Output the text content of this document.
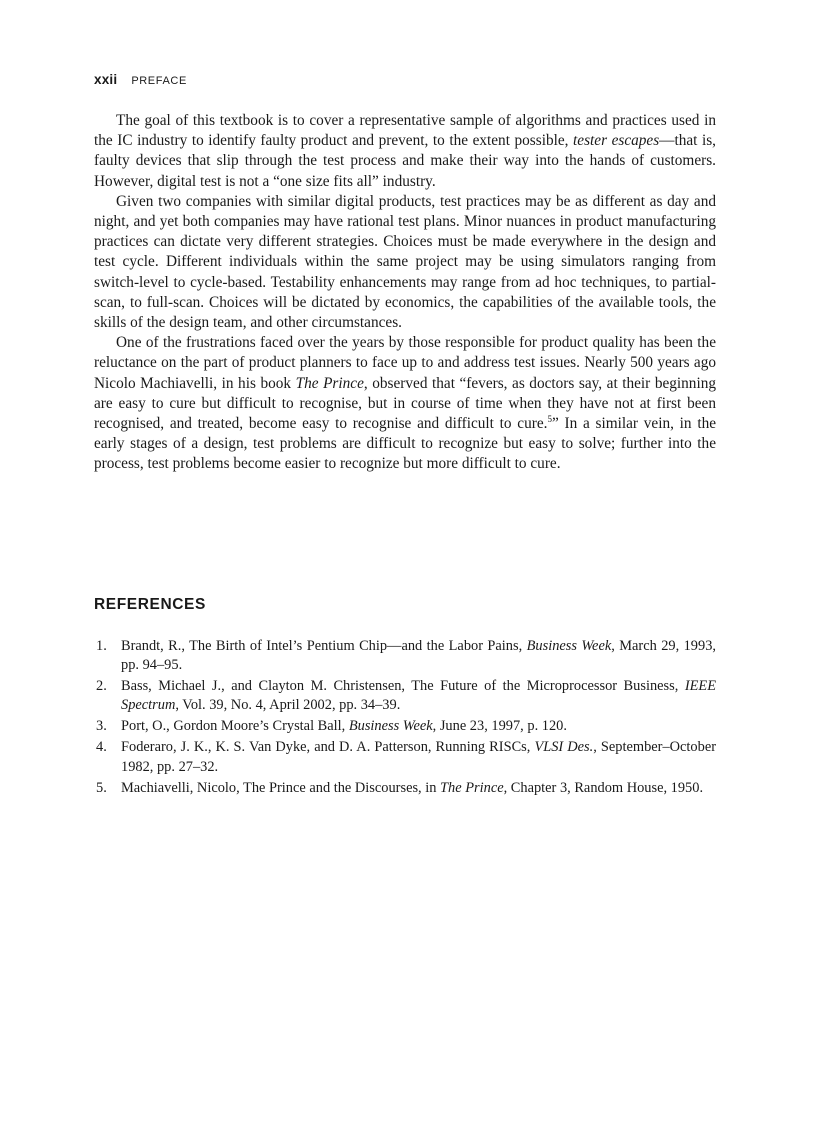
xxii PREFACE

The goal of this textbook is to cover a representative sample of algorithms and practices used in the IC industry to identify faulty product and prevent, to the extent possible, tester escapes—that is, faulty devices that slip through the test process and make their way into the hands of customers. However, digital test is not a “one size fits all” industry.

Given two companies with similar digital products, test practices may be as different as day and night, and yet both companies may have rational test plans. Minor nuances in product manufacturing practices can dictate very different strategies. Choices must be made everywhere in the design and test cycle. Different individuals within the same project may be using simulators ranging from switch-level to cycle-based. Testability enhancements may range from ad hoc techniques, to partial-scan, to full-scan. Choices will be dictated by economics, the capabilities of the available tools, the skills of the design team, and other circumstances.

One of the frustrations faced over the years by those responsible for product quality has been the reluctance on the part of product planners to face up to and address test issues. Nearly 500 years ago Nicolo Machiavelli, in his book The Prince, observed that “fevers, as doctors say, at their beginning are easy to cure but difficult to recognise, but in course of time when they have not at first been recognised, and treated, become easy to recognise and difficult to cure.$^5$” In a similar vein, in the early stages of a design, test problems are difficult to recognize but easy to solve; further into the process, test problems become easier to recognize but more difficult to cure.

REFERENCES
1. Brandt, R., The Birth of Intel’s Pentium Chip—and the Labor Pains, Business Week, March 29, 1993, pp. 94–95.
2. Bass, Michael J., and Clayton M. Christensen, The Future of the Microprocessor Business, IEEE Spectrum, Vol. 39, No. 4, April 2002, pp. 34–39.
3. Port, O., Gordon Moore’s Crystal Ball, Business Week, June 23, 1997, p. 120.
4. Foderaro, J. K., K. S. Van Dyke, and D. A. Patterson, Running RISCs, VLSI Des., September–October 1982, pp. 27–32.
5. Machiavelli, Nicolo, The Prince and the Discourses, in The Prince, Chapter 3, Random House, 1950.
